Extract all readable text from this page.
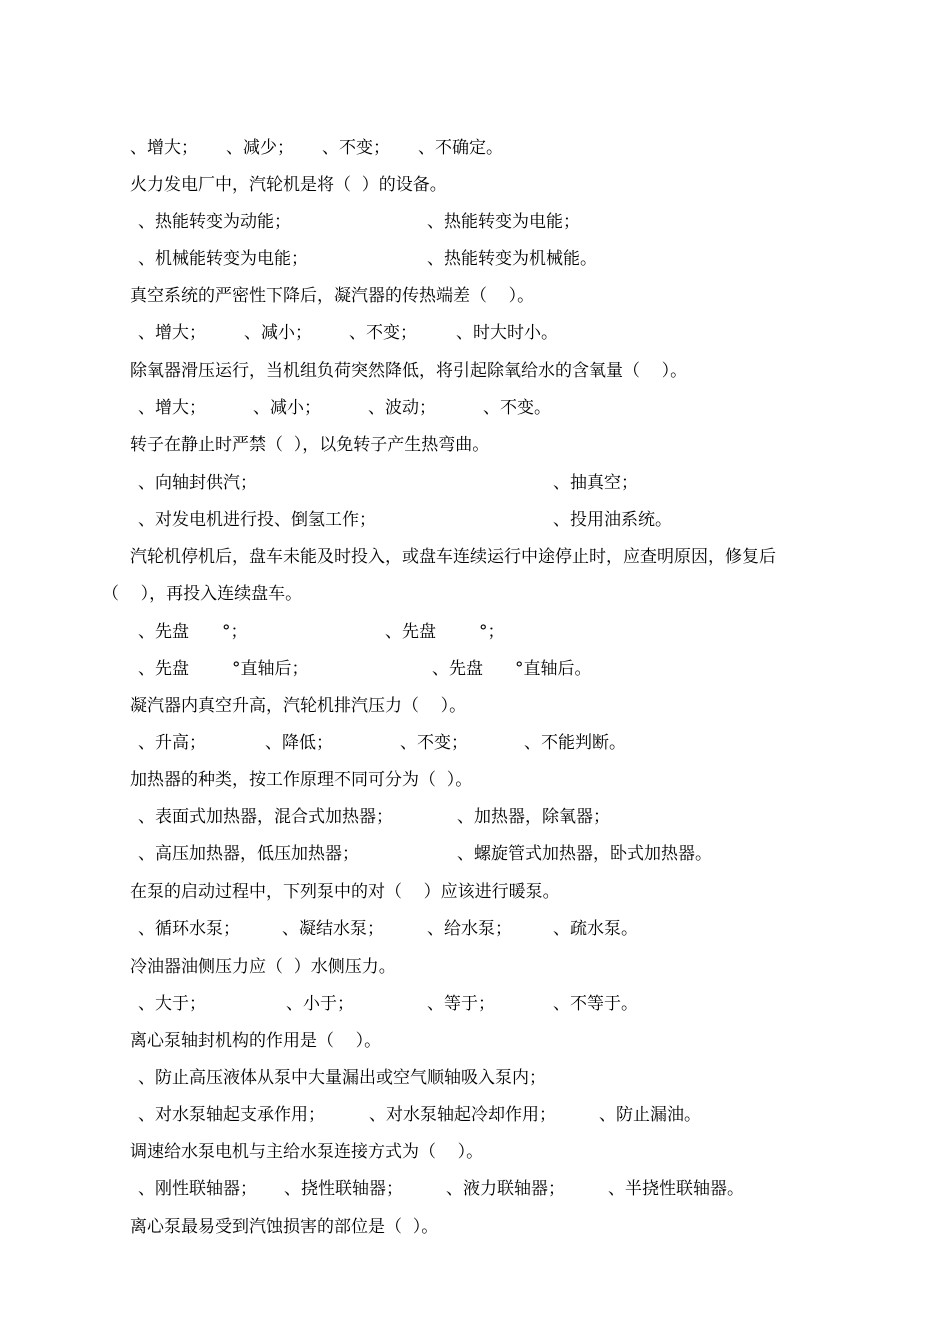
、增大； 、减少； 、不变； 、不确定。
火力发电厂中，汽轮机是将（  ）的设备。
、热能转变为动能；	、热能转变为电能；
、机械能转变为电能；	、热能转变为机械能。
真空系统的严密性下降后，凝汽器的传热端差（    ）。
、增大； 、减小； 、不变； 、时大时小。
除氧器滑压运行，当机组负荷突然降低，将引起除氧给水的含氧量（    ）。
、增大；	、减小；	、波动；	、不变。
转子在静止时严禁（  ），以免转子产生热弯曲。
、向轴封供汽；	、抽真空；
、对发电机进行投、倒氢工作；	、投用油系统。
汽轮机停机后，盘车未能及时投入，或盘车连续运行中途停止时，应查明原因，修复后
（    ），再投入连续盘车。
、先盘 °；	、先盘	°；
、先盘	°直轴后；	、先盘 °直轴后。
凝汽器内真空升高，汽轮机排汽压力（    ）。
、升高；	、降低；	、不变；	、不能判断。
加热器的种类，按工作原理不同可分为（  ）。
、表面式加热器，混合式加热器；	、加热器，除氧器；
、高压加热器，低压加热器；	、螺旋管式加热器，卧式加热器。
在泵的启动过程中，下列泵中的对（    ）应该进行暖泵。
、循环水泵； 、凝结水泵；	、给水泵； 、疏水泵。
冷油器油侧压力应（  ）水侧压力。
、大于；	、小于；	、等于；	、不等于。
离心泵轴封机构的作用是（    ）。
、防止高压液体从泵中大量漏出或空气顺轴吸入泵内；
、对水泵轴起支承作用；	、对水泵轴起冷却作用；	、防止漏油。
调速给水泵电机与主给水泵连接方式为（    ）。
、刚性联轴器； 、挠性联轴器；	、液力联轴器；	、半挠性联轴器。
离心泵最易受到汽蚀损害的部位是（  ）。
